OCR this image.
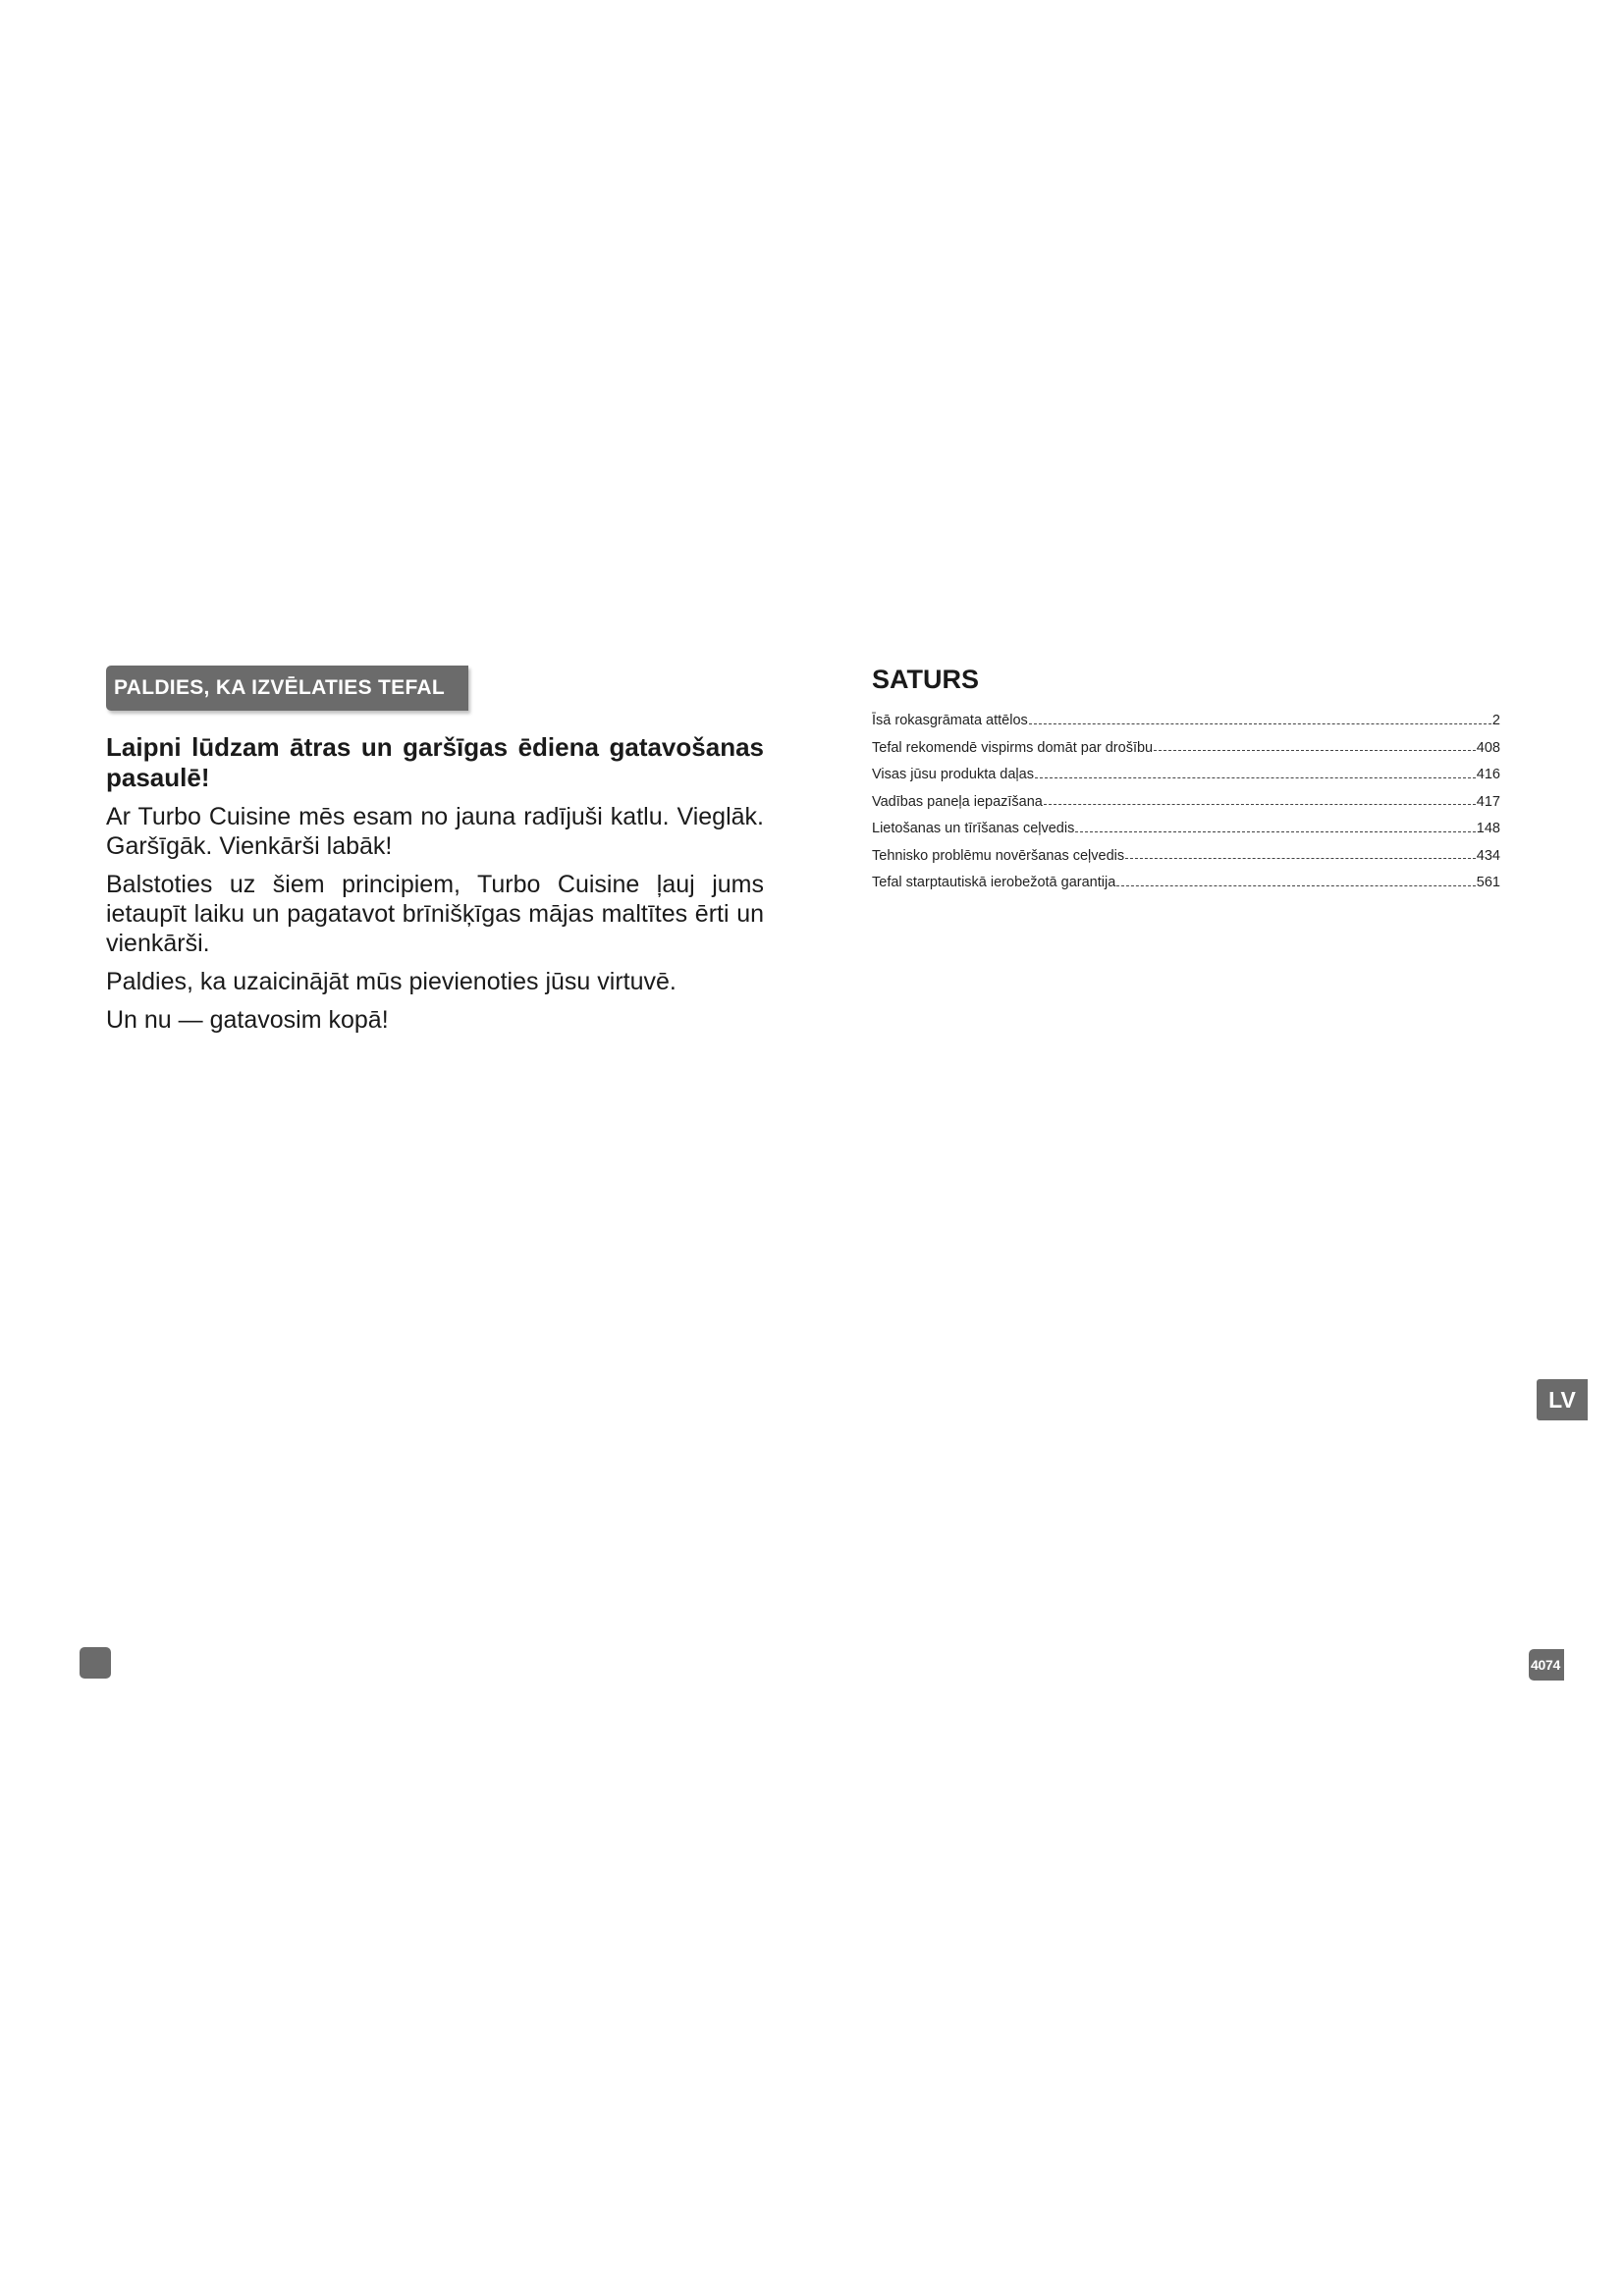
PALDIES, KA IZVĒLATIES TEFAL

Laipni lūdzam ātras un garšīgas ēdiena gatavošanas pasaulē!

Ar Turbo Cuisine mēs esam no jauna radījuši katlu. Vieglāk. Garšīgāk. Vienkārši labāk!

Balstoties uz šiem principiem, Turbo Cuisine ļauj jums ietaupīt laiku un pagatavot brīnišķīgas mājas maltītes ērti un vienkārši.

Paldies, ka uzaicinājāt mūs pievienoties jūsu virtuvē.

Un nu — gatavosim kopā!

SATURS
Īsā rokasgrāmata attēlos	2
Tefal rekomendē vispirms domāt par drošību	408
Visas jūsu produkta daļas	416
Vadības paneļa iepazīšana	417
Lietošanas un tīrīšanas ceļvedis	148
Tehnisko problēmu novēršanas ceļvedis	434
Tefal starptautiskā ierobežotā garantija	561
LV
4074
